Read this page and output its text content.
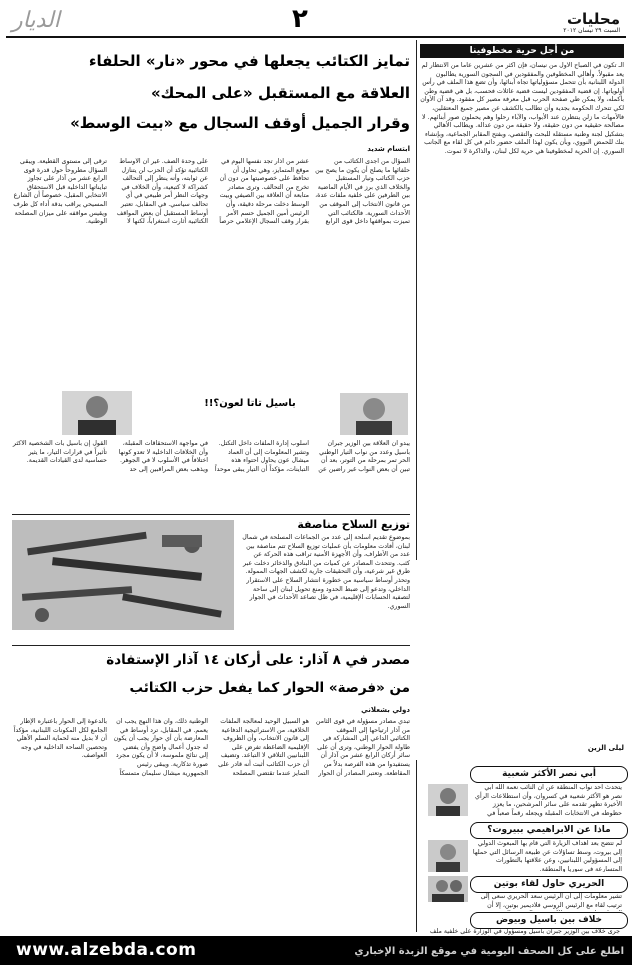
محليات
السبت ٢٩ نيسان ٢٠١٢
٢
الديار
من أجل حرية مخطوفينا
الـ تكون في الصباح الأول من نيسان، فإن أكثر من عشرين عاماً من الانتظار لم يعد مقبولاً. وأهالي المخطوفين والمفقودين في السجون السورية يطالبون الدولة اللبنانية بأن تتحمل مسؤولياتها تجاه أبنائها، وأن تضع هذا الملف في رأس أولوياتها. إن قضية المفقودين ليست قضية عائلات فحسب، بل هي قضية وطن بأكمله، ولا يمكن طي صفحة الحرب قبل معرفة مصير كل مفقود. وقد آن الأوان لكي تتحرك الحكومة بجدية وأن تطالب بالكشف عن مصير جميع المعتقلين، فالأمهات ما زلن ينتظرن عند الأبواب، والآباء رحلوا وهم يحملون صور أبنائهم. لا مصالحة حقيقية من دون حقيقة، ولا حقيقة من دون عدالة. ويطالب الأهالي بتشكيل لجنة وطنية مستقلة للبحث والتقصي، وبفتح المقابر الجماعية، وبإنشاء بنك للحمض النووي، وبأن يكون لهذا الملف حضور دائم في كل لقاء مع الجانب السوري. إن الحرية لمخطوفينا هي حرية لكل لبنان، والذاكرة لا تموت.
ليلى الزين
تمايز الكتائب يجعلها في محور «نار» الحلفاء
العلاقة مع المستقبل «على المحك»
وقرار الجميل أوقف السجال مع «بيت الوسط»
ابتسام شديد
السؤال من أجدى الكتائب من حلفائها ما يصلح أن يكون ما يصح بين حزب الكتائب وتيار المستقبل والخلاف الذي برز في الأيام الماضية بين الطرفين على خلفية ملفات عدة، من قانون الانتخاب إلى الموقف من الأحداث السورية. فالكتائب التي تميزت بمواقفها داخل قوى الرابع عشر من آذار تجد نفسها اليوم في موقع المتمايز، وهي تحاول أن تحافظ على خصوصيتها من دون أن تخرج من التحالف. وترى مصادر متابعة أن العلاقة بين الصيفي وبيت الوسط دخلت مرحلة دقيقة، وأن الرئيس أمين الجميل حسم الأمر بقرار وقف السجال الإعلامي حرصاً على وحدة الصف. غير أن الأوساط الكتائبية تؤكد أن الحزب لن يتنازل عن ثوابته، وأنه ينظر إلى التحالف كشراكة لا كتبعية، وأن الخلاف في وجهات النظر أمر طبيعي في أي تحالف سياسي. في المقابل، تعتبر أوساط المستقبل أن بعض المواقف الكتائبية أثارت استغراباً، لكنها لا ترقى إلى مستوى القطيعة. ويبقى السؤال مطروحاً حول قدرة قوى الرابع عشر من آذار على تجاوز تبايناتها الداخلية قبل الاستحقاق الانتخابي المقبل، خصوصاً أن الشارع المسيحي يراقب بدقة أداء كل طرف ويقيس مواقفه على ميزان المصلحة الوطنية.
باسيل تاتا لعون؟!!
يبدو أن العلاقة بين الوزير جبران باسيل وعدد من نواب التيار الوطني الحر تمر بمرحلة من التوتر، بعد أن تبين أن بعض النواب غير راضين عن أسلوب إدارة الملفات داخل التكتل. وتشير المعلومات إلى أن العماد ميشال عون يحاول احتواء هذه التباينات، مؤكداً أن التيار يبقى موحداً في مواجهة الاستحقاقات المقبلة، وأن الخلافات الداخلية لا تعدو كونها اختلافاً في الأسلوب لا في الجوهر. ويذهب بعض المراقبين إلى حد القول إن باسيل بات الشخصية الأكثر تأثيراً في قرارات التيار، ما يثير حساسية لدى القيادات القديمة.
توزيع السلاح مناصفة
بموضوع تقديم أسلحة إلى عدد من الجماعات المسلحة في شمال لبنان، أفادت معلومات بأن عمليات توزيع السلاح تتم مناصفة بين عدد من الأطراف، وأن الأجهزة الأمنية تراقب هذه الحركة عن كثب. وتتحدث المصادر عن كميات من البنادق والذخائر دخلت عبر طرق غير شرعية، وأن التحقيقات جارية لكشف الجهات الممولة. وتحذر أوساط سياسية من خطورة انتشار السلاح على الاستقرار الداخلي، وتدعو إلى ضبط الحدود ومنع تحويل لبنان إلى ساحة لتصفية الحسابات الإقليمية، في ظل تصاعد الأحداث في الجوار السوري.
مصدر في ٨ آذار: على أركان ١٤ آذار الإستفادة
من «فرصة» الحوار كما يفعل حزب الكتائب
دولي بشعلاني
تبدي مصادر مسؤولة في قوى الثامن من آذار ارتياحها إلى الموقف الكتائبي الداعي إلى المشاركة في طاولة الحوار الوطني، وترى أن على سائر أركان الرابع عشر من آذار أن يستفيدوا من هذه الفرصة بدلاً من المقاطعة. وتعتبر المصادر أن الحوار هو السبيل الوحيد لمعالجة الملفات الخلافية، من الاستراتيجية الدفاعية إلى قانون الانتخاب، وأن الظروف الإقليمية الضاغطة تفرض على اللبنانيين التلاقي لا التباعد. وتضيف أن حزب الكتائب أثبت أنه قادر على التمايز عندما تقتضي المصلحة الوطنية ذلك، وأن هذا النهج يجب أن يعمم. في المقابل، ترد أوساط في المعارضة بأن أي حوار يجب أن يكون له جدول أعمال واضح وأن يفضي إلى نتائج ملموسة، لا أن يكون مجرد صورة تذكارية. ويبقى رئيس الجمهورية ميشال سليمان متمسكاً بالدعوة إلى الحوار باعتباره الإطار الجامع لكل المكونات اللبنانية، مؤكداً أن لا بديل منه لحماية السلم الأهلي وتحصين الساحة الداخلية في وجه العواصف.
أبي نصر الأكثر شعبية
يتحدث أحد نواب المنطقة عن أن النائب نعمة الله أبي نصر هو الأكثر شعبية في كسروان، وأن استطلاعات الرأي الأخيرة تظهر تقدمه على سائر المرشحين، ما يعزز حظوظه في الانتخابات المقبلة ويجعله رقماً صعباً في
ماذا عن الابراهيمي ببيروت؟
لم تتضح بعد أهداف الزيارة التي قام بها المبعوث الدولي إلى بيروت، وسط تساؤلات عن طبيعة الرسائل التي حملها إلى المسؤولين اللبنانيين، وعن علاقتها بالتطورات المتسارعة في سوريا والمنطقة.
الحريري حاول لقاء بوتين
تشير معلومات إلى أن الرئيس سعد الحريري سعى إلى ترتيب لقاء مع الرئيس الروسي فلاديمير بوتين، إلا أن
خلاف بين باسيل وبيوض
جرى خلاف بين الوزير جبران باسيل ومسؤول في الوزارة على خلفية ملف
www.alzebda.com	اطلع على كل الصحف اليومية في موقع الزبدة الإخباري
